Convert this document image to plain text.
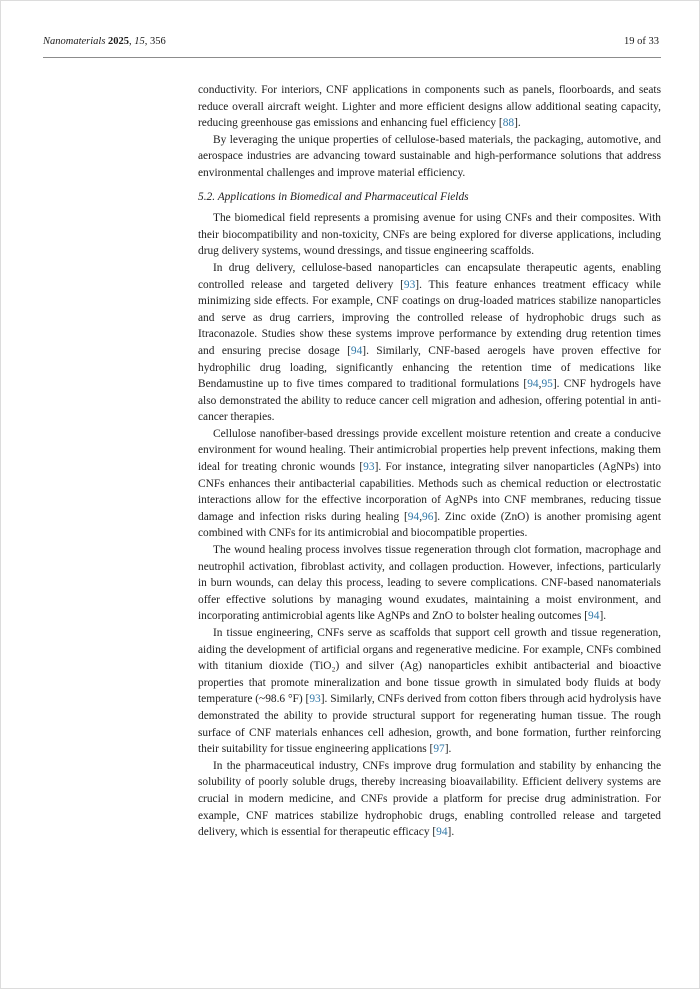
Nanomaterials 2025, 15, 356	19 of 33

conductivity. For interiors, CNF applications in components such as panels, floorboards, and seats reduce overall aircraft weight. Lighter and more efficient designs allow additional seating capacity, reducing greenhouse gas emissions and enhancing fuel efficiency [88].

By leveraging the unique properties of cellulose-based materials, the packaging, automotive, and aerospace industries are advancing toward sustainable and high-performance solutions that address environmental challenges and improve material efficiency.

5.2. Applications in Biomedical and Pharmaceutical Fields

The biomedical field represents a promising avenue for using CNFs and their composites. With their biocompatibility and non-toxicity, CNFs are being explored for diverse applications, including drug delivery systems, wound dressings, and tissue engineering scaffolds.

In drug delivery, cellulose-based nanoparticles can encapsulate therapeutic agents, enabling controlled release and targeted delivery [93]. This feature enhances treatment efficacy while minimizing side effects. For example, CNF coatings on drug-loaded matrices stabilize nanoparticles and serve as drug carriers, improving the controlled release of hydrophobic drugs such as Itraconazole. Studies show these systems improve performance by extending drug retention times and ensuring precise dosage [94]. Similarly, CNF-based aerogels have proven effective for hydrophilic drug loading, significantly enhancing the retention time of medications like Bendamustine up to five times compared to traditional formulations [94,95]. CNF hydrogels have also demonstrated the ability to reduce cancer cell migration and adhesion, offering potential in anti-cancer therapies.

Cellulose nanofiber-based dressings provide excellent moisture retention and create a conducive environment for wound healing. Their antimicrobial properties help prevent infections, making them ideal for treating chronic wounds [93]. For instance, integrating silver nanoparticles (AgNPs) into CNFs enhances their antibacterial capabilities. Methods such as chemical reduction or electrostatic interactions allow for the effective incorporation of AgNPs into CNF membranes, reducing tissue damage and infection risks during healing [94,96]. Zinc oxide (ZnO) is another promising agent combined with CNFs for its antimicrobial and biocompatible properties.

The wound healing process involves tissue regeneration through clot formation, macrophage and neutrophil activation, fibroblast activity, and collagen production. However, infections, particularly in burn wounds, can delay this process, leading to severe complications. CNF-based nanomaterials offer effective solutions by managing wound exudates, maintaining a moist environment, and incorporating antimicrobial agents like AgNPs and ZnO to bolster healing outcomes [94].

In tissue engineering, CNFs serve as scaffolds that support cell growth and tissue regeneration, aiding the development of artificial organs and regenerative medicine. For example, CNFs combined with titanium dioxide (TiO₂) and silver (Ag) nanoparticles exhibit antibacterial and bioactive properties that promote mineralization and bone tissue growth in simulated body fluids at body temperature (~98.6 °F) [93]. Similarly, CNFs derived from cotton fibers through acid hydrolysis have demonstrated the ability to provide structural support for regenerating human tissue. The rough surface of CNF materials enhances cell adhesion, growth, and bone formation, further reinforcing their suitability for tissue engineering applications [97].

In the pharmaceutical industry, CNFs improve drug formulation and stability by enhancing the solubility of poorly soluble drugs, thereby increasing bioavailability. Efficient delivery systems are crucial in modern medicine, and CNFs provide a platform for precise drug administration. For example, CNF matrices stabilize hydrophobic drugs, enabling controlled release and targeted delivery, which is essential for therapeutic efficacy [94].
